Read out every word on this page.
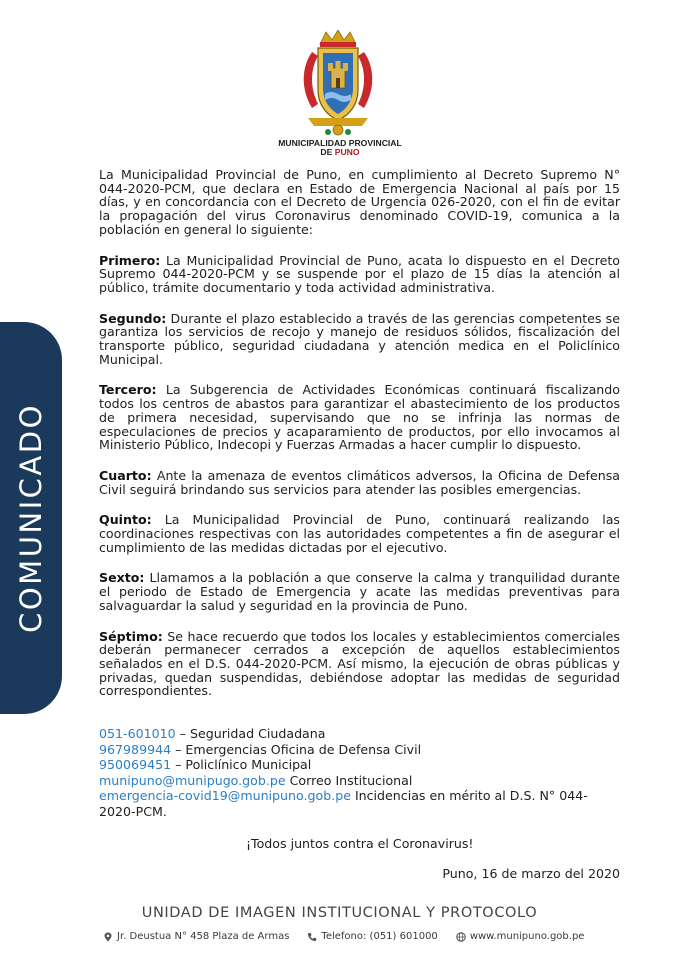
COMUNICADO
MUNICIPALIDAD PROVINCIAL
DE PUNO

La Municipalidad Provincial de Puno, en cumplimiento al Decreto Supremo N° 044-2020-PCM, que declara en Estado de Emergencia Nacional al país por 15 días, y en concordancia con el Decreto de Urgencia 026-2020, con el fin de evitar la propagación del virus Coronavirus denominado COVID-19, comunica a la población en general lo siguiente:

Primero: La Municipalidad Provincial de Puno, acata lo dispuesto en el Decreto Supremo 044-2020-PCM y se suspende por el plazo de 15 días la atención al público, trámite documentario y toda actividad administrativa.

Segundo: Durante el plazo establecido a través de las gerencias competentes se garantiza los servicios de recojo y manejo de residuos sólidos, fiscalización del transporte público, seguridad ciudadana y atención medica en el Policlínico Municipal.

Tercero: La Subgerencia de Actividades Económicas continuará fiscalizando todos los centros de abastos para garantizar el abastecimiento de los productos de primera necesidad, supervisando que no se infrinja las normas de especulaciones de precios y acaparamiento de productos, por ello invocamos al Ministerio Público, Indecopi y Fuerzas Armadas a hacer cumplir lo dispuesto.

Cuarto: Ante la amenaza de eventos climáticos adversos, la Oficina de Defensa Civil seguirá brindando sus servicios para atender las posibles emergencias.

Quinto: La Municipalidad Provincial de Puno, continuará realizando las coordinaciones respectivas con las autoridades competentes a fin de asegurar el cumplimiento de las medidas dictadas por el ejecutivo.

Sexto: Llamamos a la población a que conserve la calma y tranquilidad durante el periodo de Estado de Emergencia y acate las medidas preventivas para salvaguardar la salud y seguridad en la provincia de Puno.

Séptimo: Se hace recuerdo que todos los locales y establecimientos comerciales deberán permanecer cerrados a excepción de aquellos establecimientos señalados en el D.S. 044-2020-PCM. Así mismo, la ejecución de obras públicas y privadas, quedan suspendidas, debiéndose adoptar las medidas de seguridad correspondientes.

051-601010 – Seguridad Ciudadana
967989944 – Emergencias Oficina de Defensa Civil
950069451 – Policlínico Municipal
munipuno@munipugo.gob.pe Correo Institucional
emergencia-covid19@munipuno.gob.pe Incidencias en mérito al D.S. N° 044-2020-PCM.
¡Todos juntos contra el Coronavirus!
Puno, 16 de marzo del 2020
UNIDAD DE IMAGEN INSTITUCIONAL Y PROTOCOLO
Jr. Deustua N° 458 Plaza de Armas	Telefono: (051) 601000	www.munipuno.gob.pe
